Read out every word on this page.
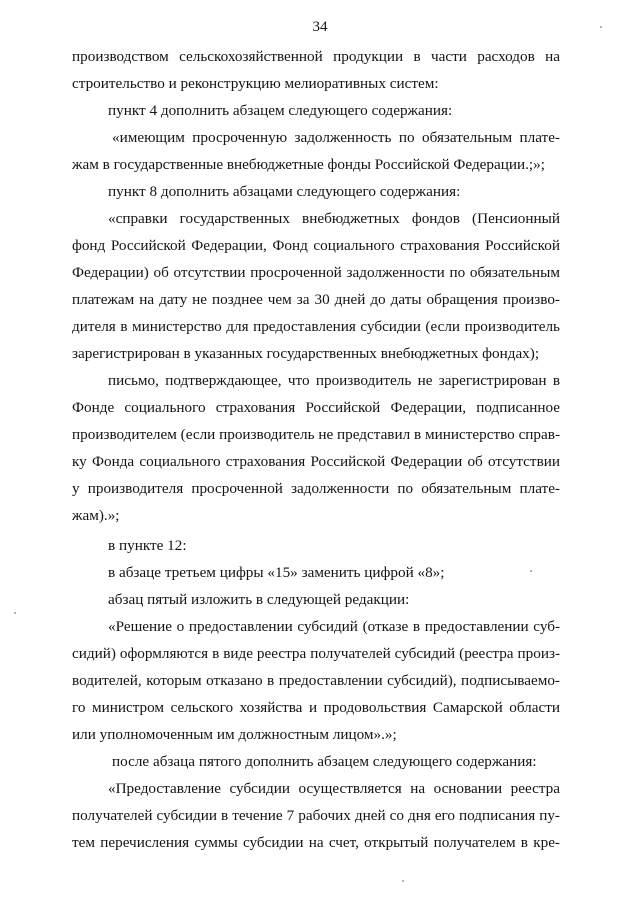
34
производством сельскохозяйственной продукции в части расходов на
строительство и реконструкцию мелиоративных систем:
пункт 4 дополнить абзацем следующего содержания:
«имеющим просроченную задолженность по обязательным плате-
жам в государственные внебюджетные фонды Российской Федерации.;»;
пункт 8 дополнить абзацами следующего содержания:
«справки государственных внебюджетных фондов (Пенсионный
фонд Российской Федерации, Фонд социального страхования Российской
Федерации) об отсутствии просроченной задолженности по обязательным
платежам на дату не позднее чем за 30 дней до даты обращения произво-
дителя в министерство для предоставления субсидии (если производитель
зарегистрирован в указанных государственных внебюджетных фондах);
письмо, подтверждающее, что производитель не зарегистрирован в
Фонде социального страхования Российской Федерации, подписанное
производителем (если производитель не представил в министерство справ-
ку Фонда социального страхования Российской Федерации об отсутствии
у производителя просроченной задолженности по обязательным плате-
жам).»;
в пункте 12:
в абзаце третьем цифры «15» заменить цифрой «8»;
абзац пятый изложить в следующей редакции:
«Решение о предоставлении субсидий (отказе в предоставлении суб-
сидий) оформляются в виде реестра получателей субсидий (реестра произ-
водителей, которым отказано в предоставлении субсидий), подписываемо-
го министром сельского хозяйства и продовольствия Самарской области
или уполномоченным им должностным лицом».»;
после абзаца пятого дополнить абзацем следующего содержания:
«Предоставление субсидии осуществляется на основании реестра
получателей субсидии в течение 7 рабочих дней со дня его подписания пу-
тем перечисления суммы субсидии на счет, открытый получателем в кре-
